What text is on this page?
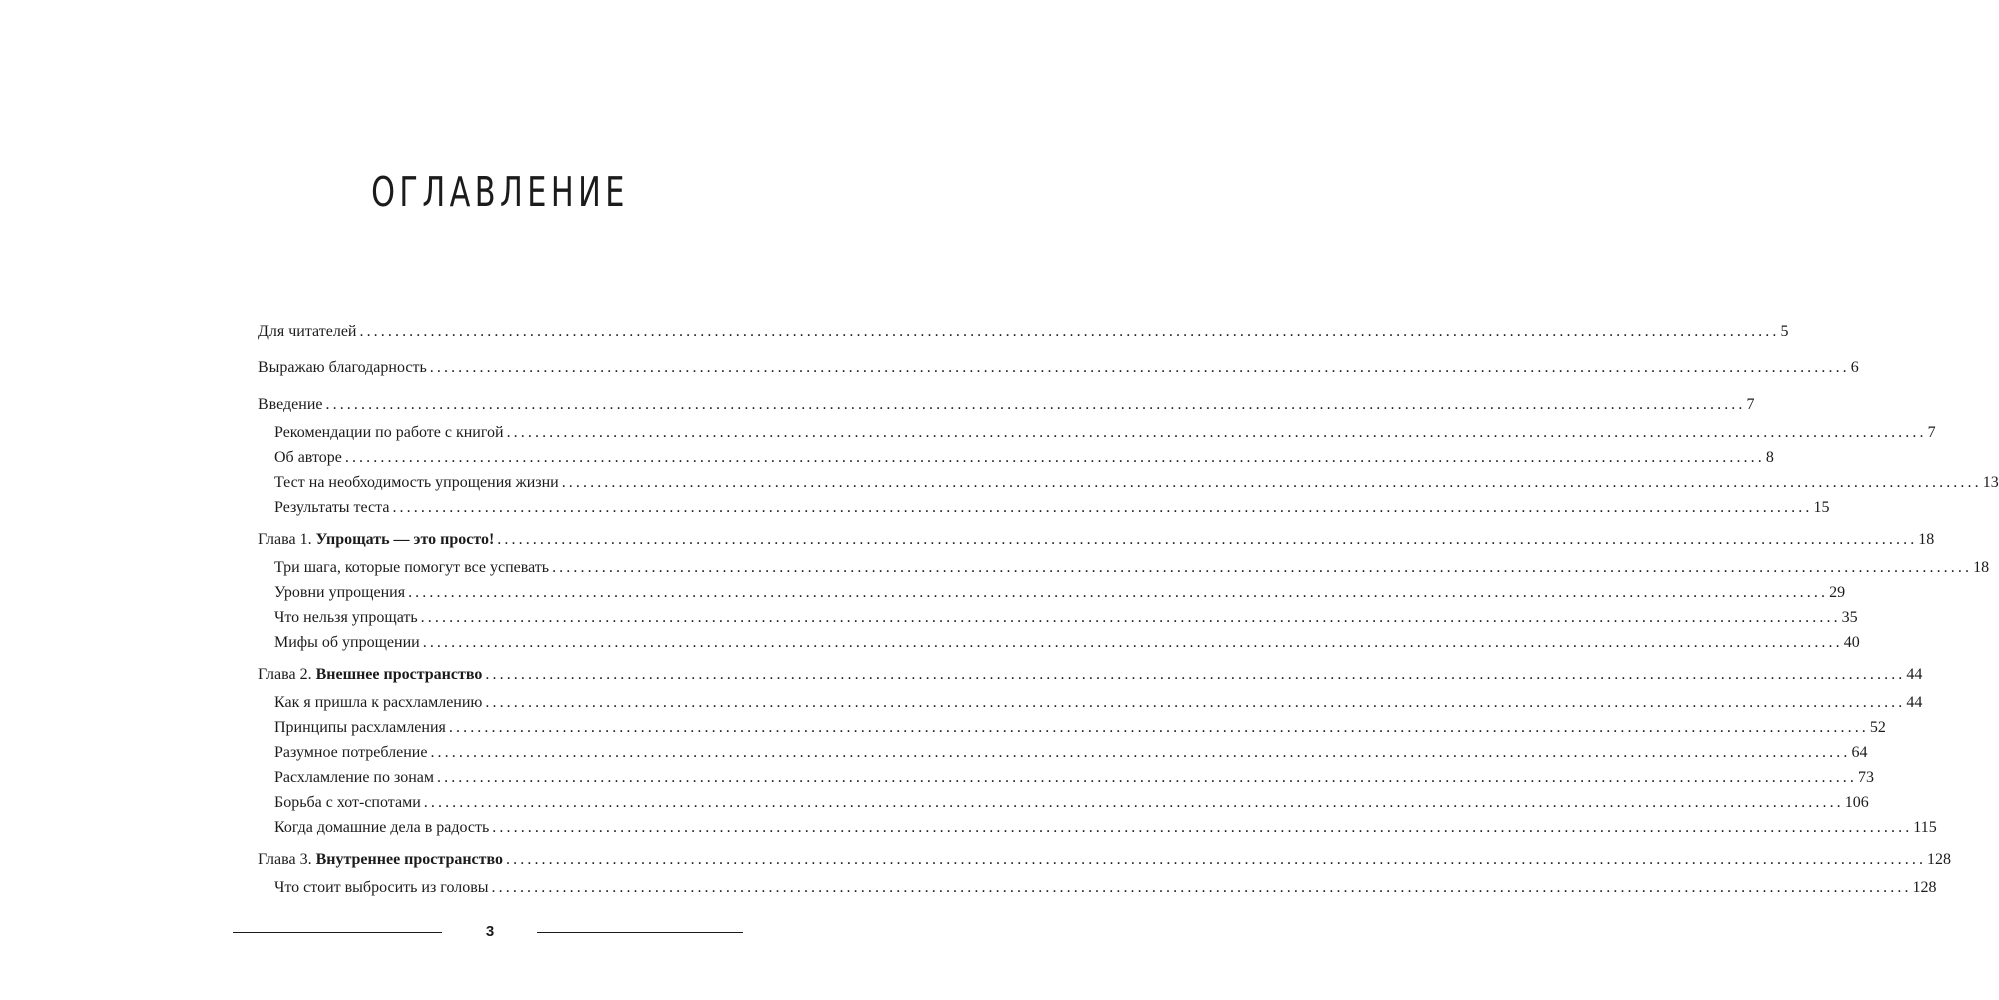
ОГЛАВЛЕНИЕ
Для читателей ........................................................................................................................................................................................................ 5
Выражаю благодарность ........................................................................................................................................................................................................ 6
Введение ........................................................................................................................................................................................................ 7
Рекомендации по работе с книгой ........................................................................................................................................................................................................ 7
Об авторе ........................................................................................................................................................................................................ 8
Тест на необходимость упрощения жизни ........................................................................................................................................................................................................ 13
Результаты теста ........................................................................................................................................................................................................ 15
Глава 1. Упрощать — это просто! ........................................................................................................................................................................................................ 18
Три шага, которые помогут все успевать ........................................................................................................................................................................................................ 18
Уровни упрощения ........................................................................................................................................................................................................ 29
Что нельзя упрощать ........................................................................................................................................................................................................ 35
Мифы об упрощении ........................................................................................................................................................................................................ 40
Глава 2. Внешнее пространство ........................................................................................................................................................................................................ 44
Как я пришла к расхламлению ........................................................................................................................................................................................................ 44
Принципы расхламления ........................................................................................................................................................................................................ 52
Разумное потребление ........................................................................................................................................................................................................ 64
Расхламление по зонам ........................................................................................................................................................................................................ 73
Борьба с хот-спотами ........................................................................................................................................................................................................ 106
Когда домашние дела в радость ........................................................................................................................................................................................................ 115
Глава 3. Внутреннее пространство ........................................................................................................................................................................................................ 128
Что стоит выбросить из головы ........................................................................................................................................................................................................ 128
3
